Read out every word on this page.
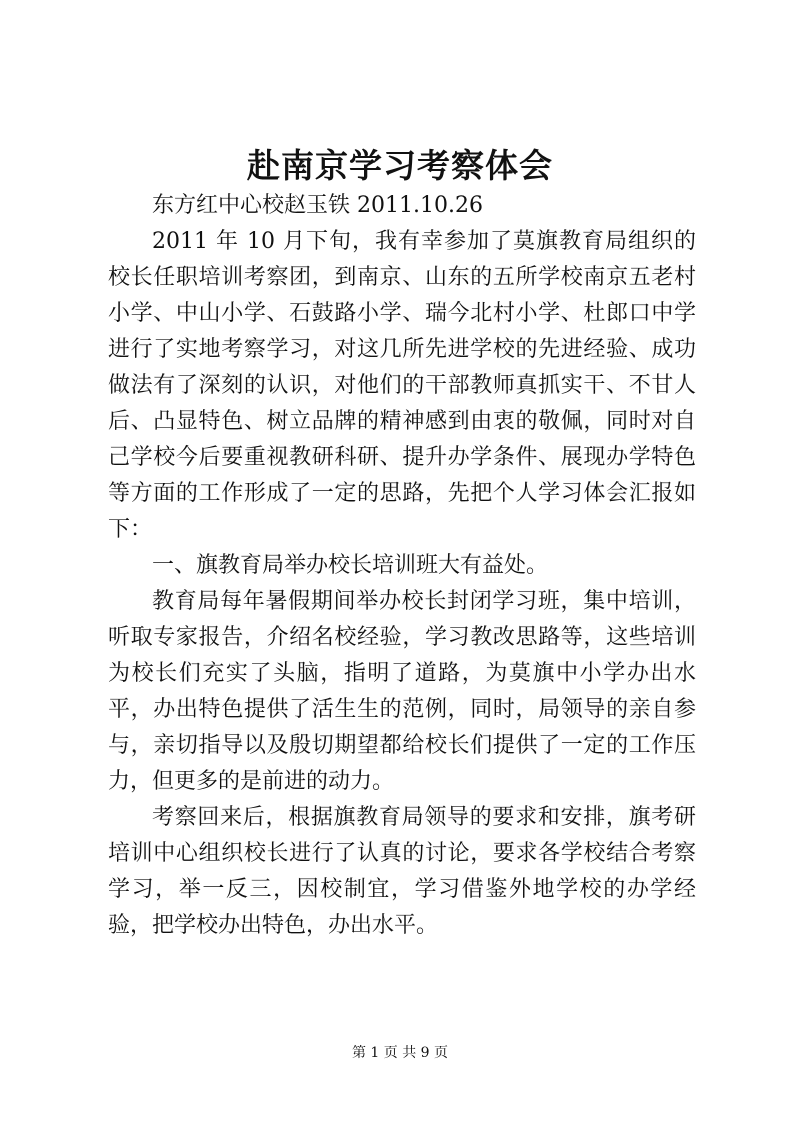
赴南京学习考察体会

东方红中心校赵玉铁 2011.10.26

2011 年 10 月下旬，我有幸参加了莫旗教育局组织的校长任职培训考察团，到南京、山东的五所学校南京五老村小学、中山小学、石鼓路小学、瑞今北村小学、杜郎口中学进行了实地考察学习，对这几所先进学校的先进经验、成功做法有了深刻的认识，对他们的干部教师真抓实干、不甘人后、凸显特色、树立品牌的精神感到由衷的敬佩，同时对自己学校今后要重视教研科研、提升办学条件、展现办学特色等方面的工作形成了一定的思路，先把个人学习体会汇报如下：

一、旗教育局举办校长培训班大有益处。

教育局每年暑假期间举办校长封闭学习班，集中培训，听取专家报告，介绍名校经验，学习教改思路等，这些培训为校长们充实了头脑，指明了道路，为莫旗中小学办出水平，办出特色提供了活生生的范例，同时，局领导的亲自参与，亲切指导以及殷切期望都给校长们提供了一定的工作压力，但更多的是前进的动力。

考察回来后，根据旗教育局领导的要求和安排，旗考研培训中心组织校长进行了认真的讨论，要求各学校结合考察学习，举一反三，因校制宜，学习借鉴外地学校的办学经验，把学校办出特色，办出水平。

第 1 页 共 9 页
